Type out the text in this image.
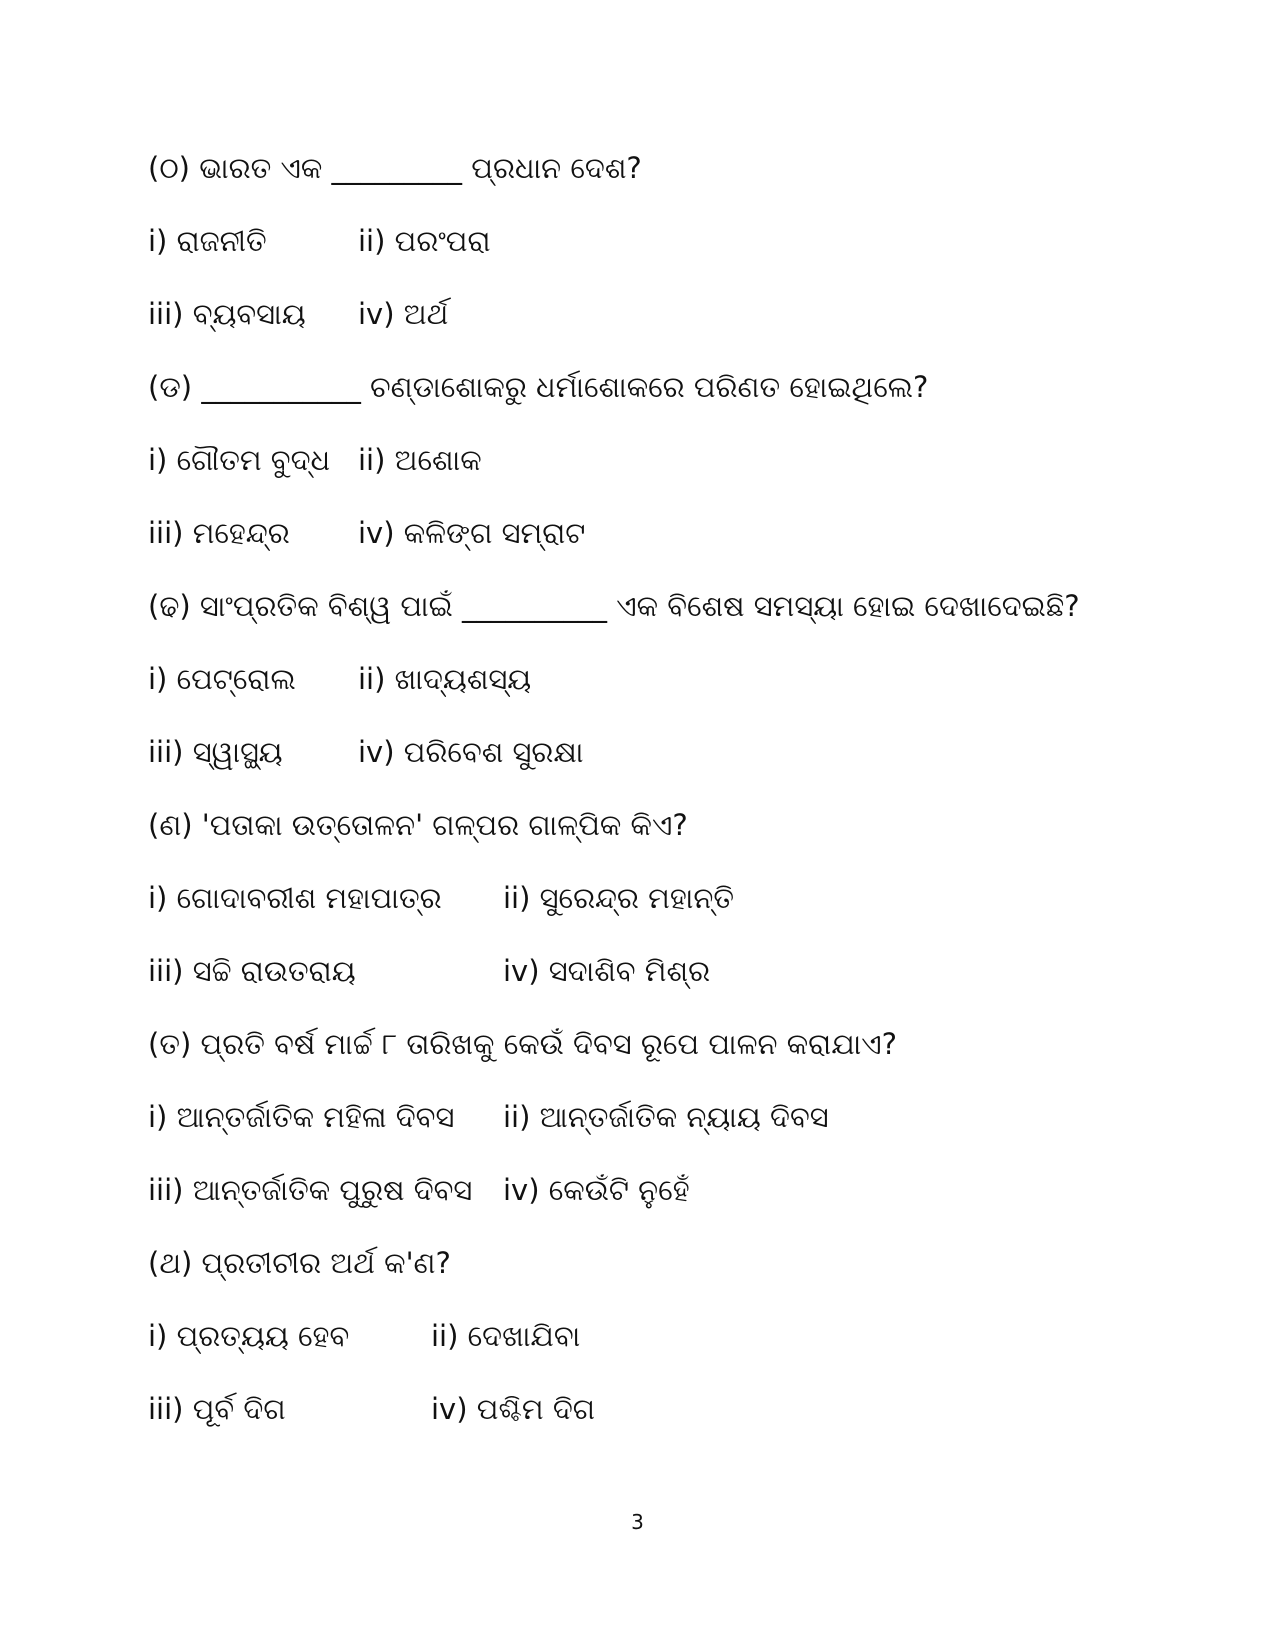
(ଠ) ଭାରତ ଏକ _________ ପ୍ରଧାନ ଦେଶ?
i) ରାଜନୀତି	ii) ପରଂପରା
iii) ବ୍ୟବସାୟ iv) ଅର୍ଥ
(ଡ) ___________ ଚଣ୍ଡାଶୋକରୁ ଧର୍ମାଶୋକରେ ପରିଣତ ହୋଇଥିଲେ?
i) ଗୌତମ ବୁଦ୍ଧ ii) ଅଶୋକ
iii) ମହେନ୍ଦ୍ର iv) କଳିଙ୍ଗ ସମ୍ରାଟ
(ଢ) ସାଂପ୍ରତିକ ବିଶ୍ୱ ପାଇଁ __________ ଏକ ବିଶେଷ ସମସ୍ୟା ହୋଇ ଦେଖାଦେଇଛି?
i) ପେଟ୍ରୋଲ ii) ଖାଦ୍ୟଶସ୍ୟ
iii) ସ୍ୱାସ୍ଥ୍ୟ	iv) ପରିବେଶ ସୁରକ୍ଷା
(ଣ) 'ପତାକା ଉତ୍ତୋଳନ' ଗଳ୍ପର ଗାଳ୍ପିକ କିଏ?
i) ଗୋଦାବରୀଶ ମହାପାତ୍ର ii) ସୁରେନ୍ଦ୍ର ମହାନ୍ତି
iii) ସଚ୍ଚି ରାଉତରାୟ	iv) ସଦାଶିବ ମିଶ୍ର
(ତ) ପ୍ରତି ବର୍ଷ ମାର୍ଚ୍ଚ ୮ ତାରିଖକୁ କେଉଁ ଦିବସ ରୂପେ ପାଳନ କରାଯାଏ?
i) ଆନ୍ତର୍ଜାତିକ ମହିଳା ଦିବସ ii) ଆନ୍ତର୍ଜାତିକ ନ୍ୟାୟ ଦିବସ
iii) ଆନ୍ତର୍ଜାତିକ ପୁରୁଷ ଦିବସ iv) କେଉଁଟି ନୁହେଁ
(ଥ) ପ୍ରତୀଚୀର ଅର୍ଥ କ'ଣ?
i) ପ୍ରତ୍ୟୟ ହେବ	ii) ଦେଖାଯିବା
iii) ପୂର୍ବ ଦିଗ	iv) ପଶ୍ଚିମ ଦିଗ
3
